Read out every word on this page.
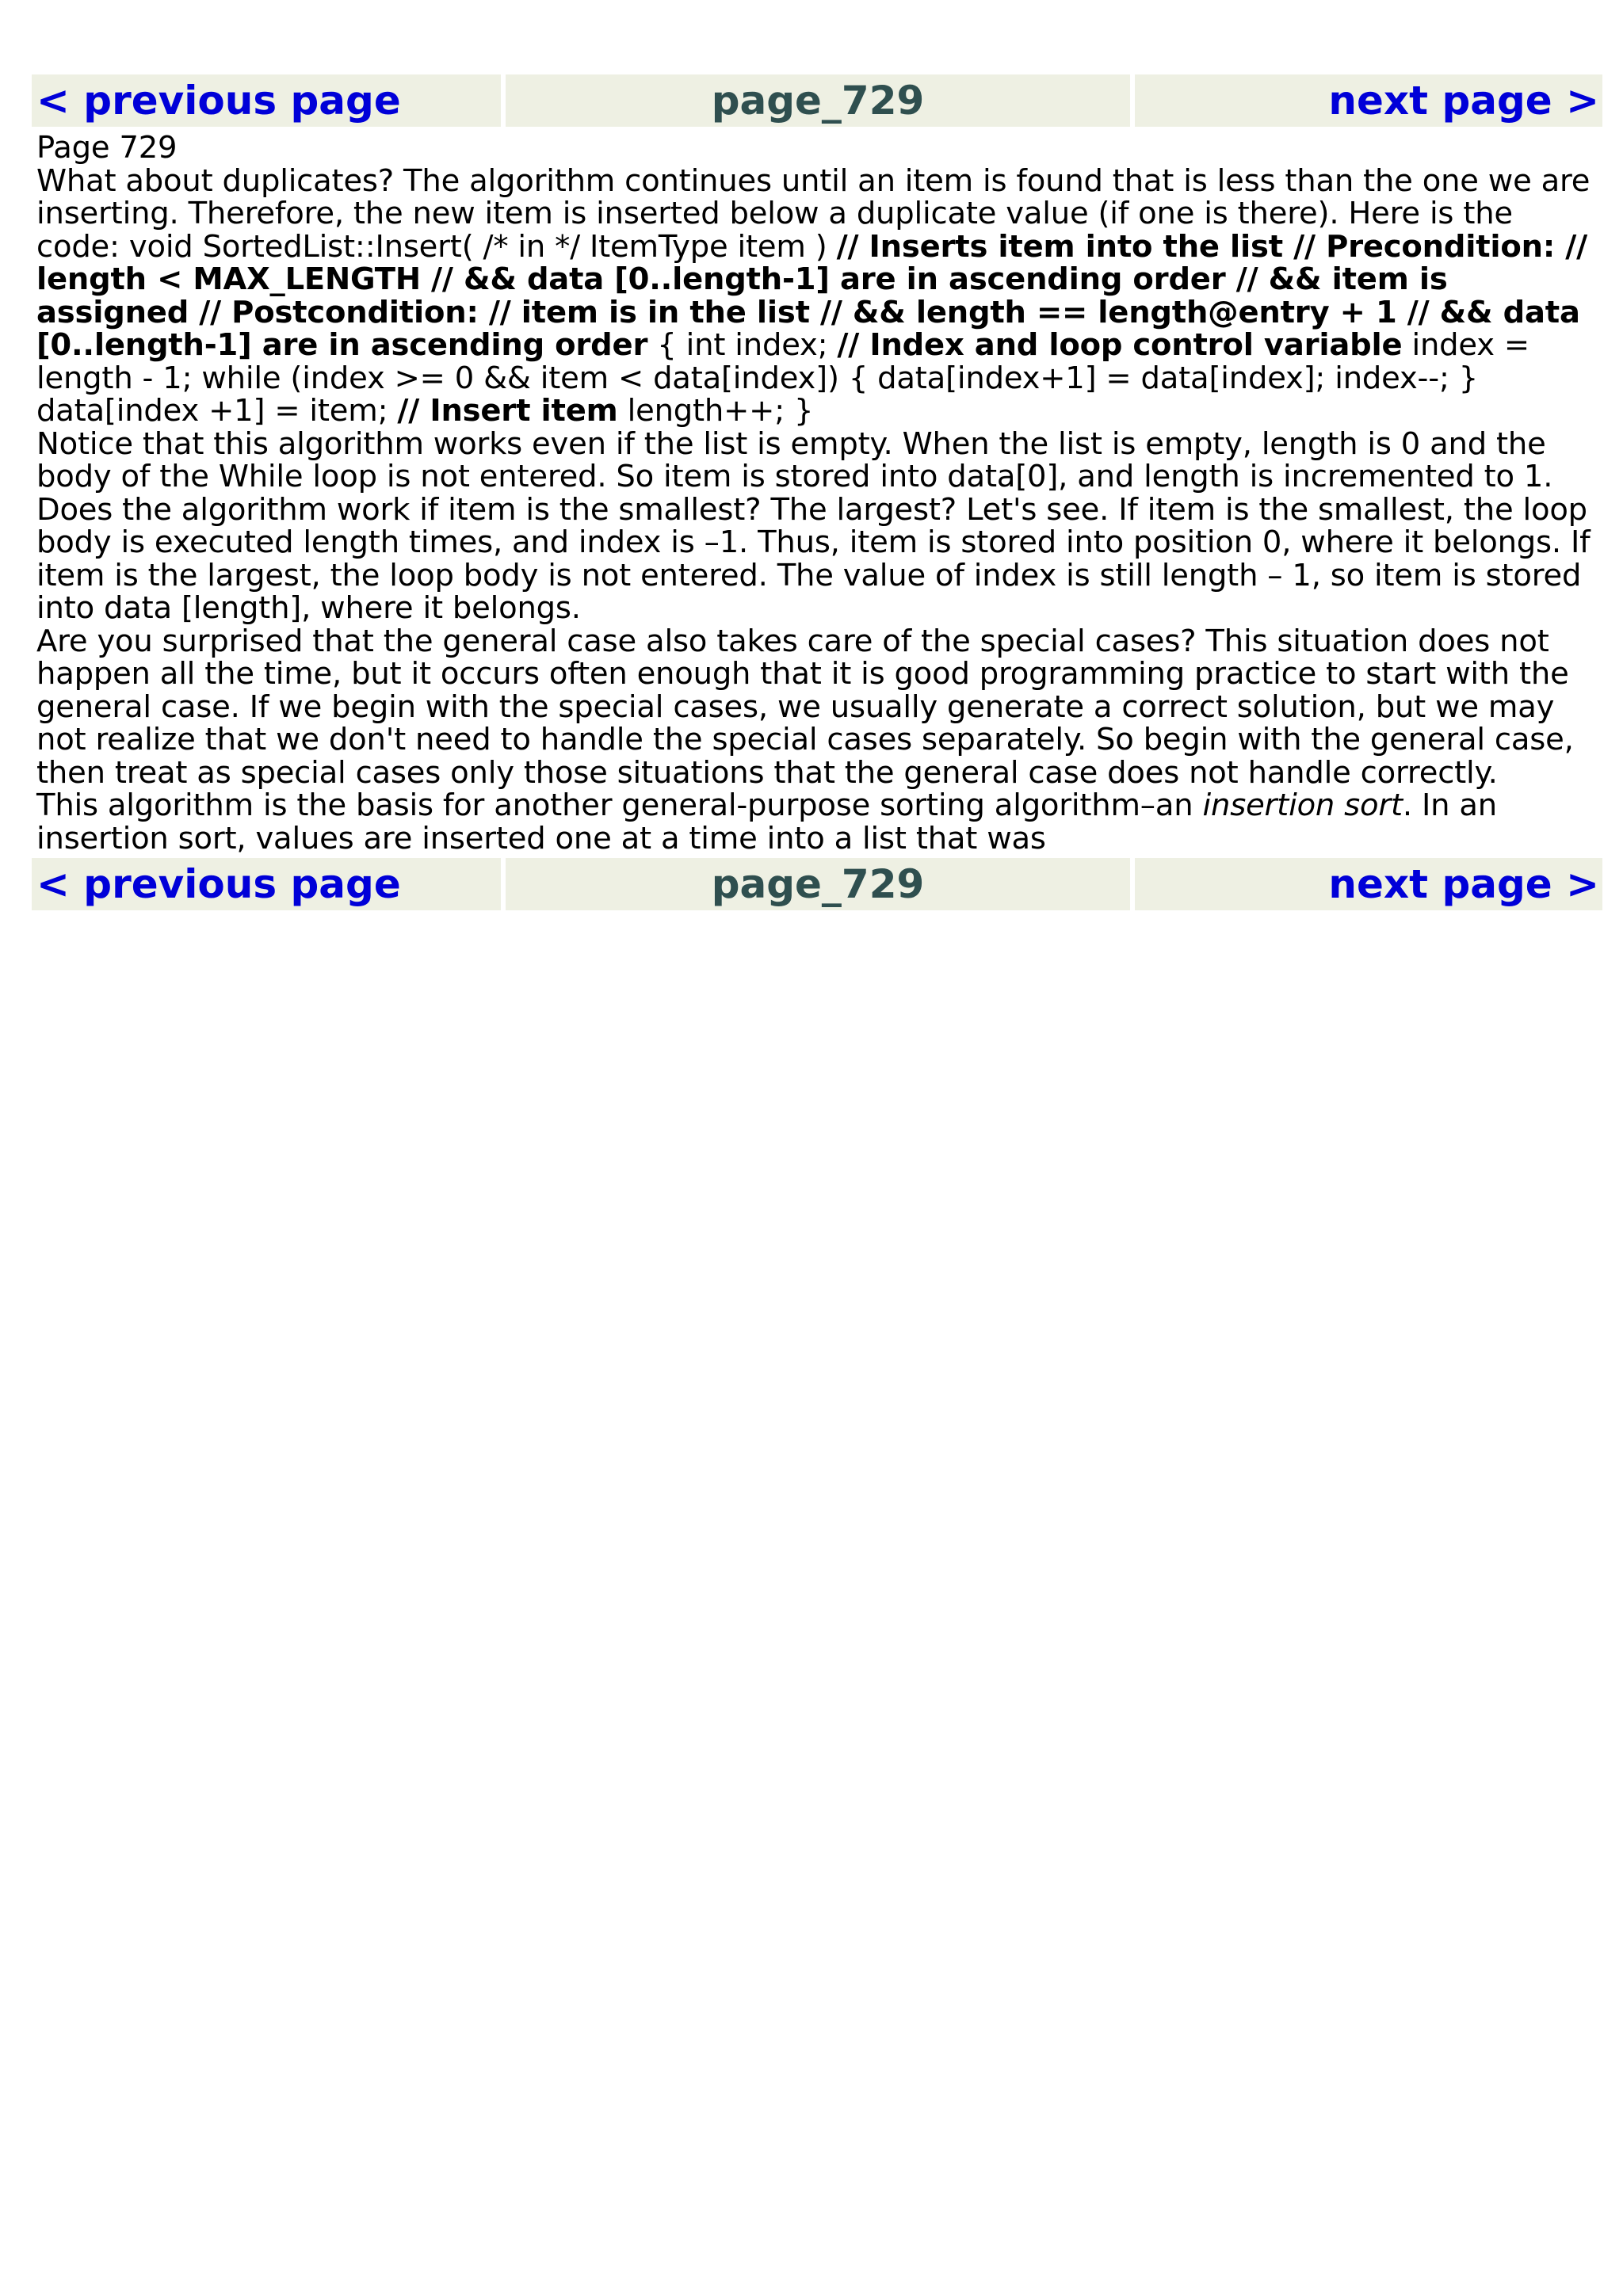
< previous page	page_729	next page >

Page 729

What about duplicates? The algorithm continues until an item is found that is less than the one we are inserting. Therefore, the new item is inserted below a duplicate value (if one is there). Here is the code: void SortedList::Insert( /* in */ ItemType item ) // Inserts item into the list // Precondition: // length < MAX_LENGTH // && data [0..length-1] are in ascending order // && item is assigned // Postcondition: // item is in the list // && length == length@entry + 1 // && data [0..length-1] are in ascending order { int index; // Index and loop control variable index = length - 1; while (index >= 0 && item < data[index]) { data[index+1] = data[index]; index--; } data[index +1] = item; // Insert item length++; }

Notice that this algorithm works even if the list is empty. When the list is empty, length is 0 and the body of the While loop is not entered. So item is stored into data[0], and length is incremented to 1. Does the algorithm work if item is the smallest? The largest? Let's see. If item is the smallest, the loop body is executed length times, and index is –1. Thus, item is stored into position 0, where it belongs. If item is the largest, the loop body is not entered. The value of index is still length – 1, so item is stored into data [length], where it belongs.

Are you surprised that the general case also takes care of the special cases? This situation does not happen all the time, but it occurs often enough that it is good programming practice to start with the general case. If we begin with the special cases, we usually generate a correct solution, but we may not realize that we don't need to handle the special cases separately. So begin with the general case, then treat as special cases only those situations that the general case does not handle correctly.

This algorithm is the basis for another general-purpose sorting algorithm–an insertion sort. In an insertion sort, values are inserted one at a time into a list that was

< previous page	page_729	next page >
